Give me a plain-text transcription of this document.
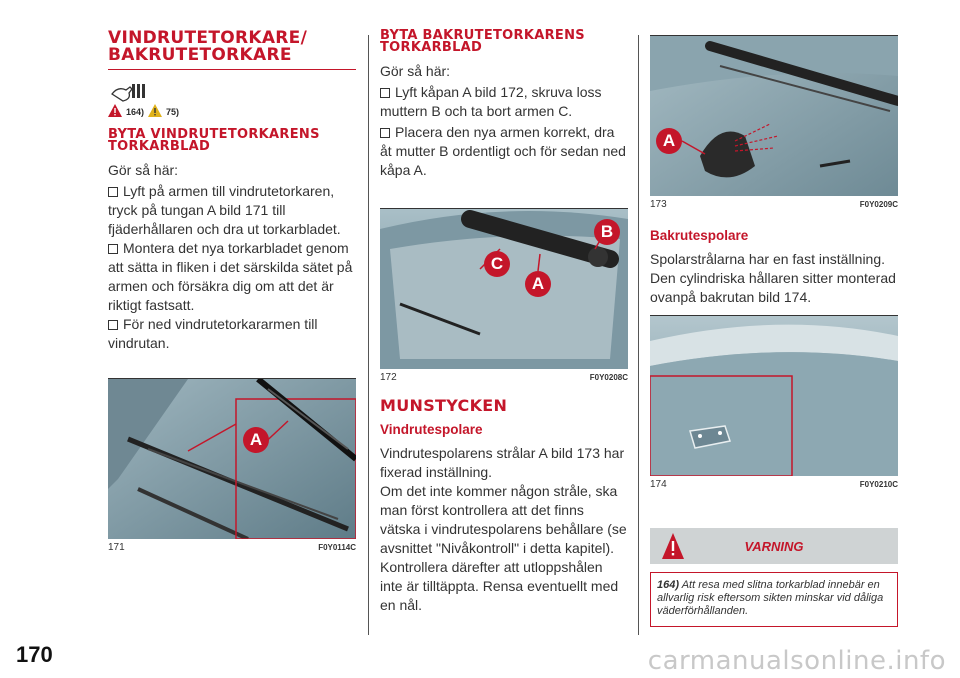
170	carmanualsonline.info
VINDRUTETORKARE/ BAKRUTETORKARE
164) 75)
BYTA VINDRUTETORKARENS TORKARBLAD
Gör så här:
Lyft på armen till vindrutetorkaren, tryck på tungan A bild 171 till fjäderhållaren och dra ut torkarbladet.
Montera det nya torkarbladet genom att sätta in fliken i det särskilda sätet på armen och försäkra dig om att det är riktigt fastsatt.
För ned vindrutetorkararmen till vindrutan.
A
171	F0Y0114C
BYTA BAKRUTETORKARENS TORKARBLAD
Gör så här:
Lyft kåpan A bild 172, skruva loss muttern B och ta bort armen C.
Placera den nya armen korrekt, dra åt mutter B ordentligt och för sedan ned kåpa A.
B
C
A
172	F0Y0208C
MUNSTYCKEN
Vindrutespolare
Vindrutespolarens strålar A bild 173 har fixerad inställning.
Om det inte kommer någon stråle, ska man först kontrollera att det finns vätska i vindrutespolarens behållare (se avsnittet "Nivåkontroll" i detta kapitel). Kontrollera därefter att utloppshålen inte är tilltäppta. Rensa eventuellt med en nål.
A
173	F0Y0209C
Bakrutespolare
Spolarstrålarna har en fast inställning. Den cylindriska hållaren sitter monterad ovanpå bakrutan bild 174.
174	F0Y0210C
VARNING
164) Att resa med slitna torkarblad innebär en allvarlig risk eftersom sikten minskar vid dåliga väderförhållanden.
